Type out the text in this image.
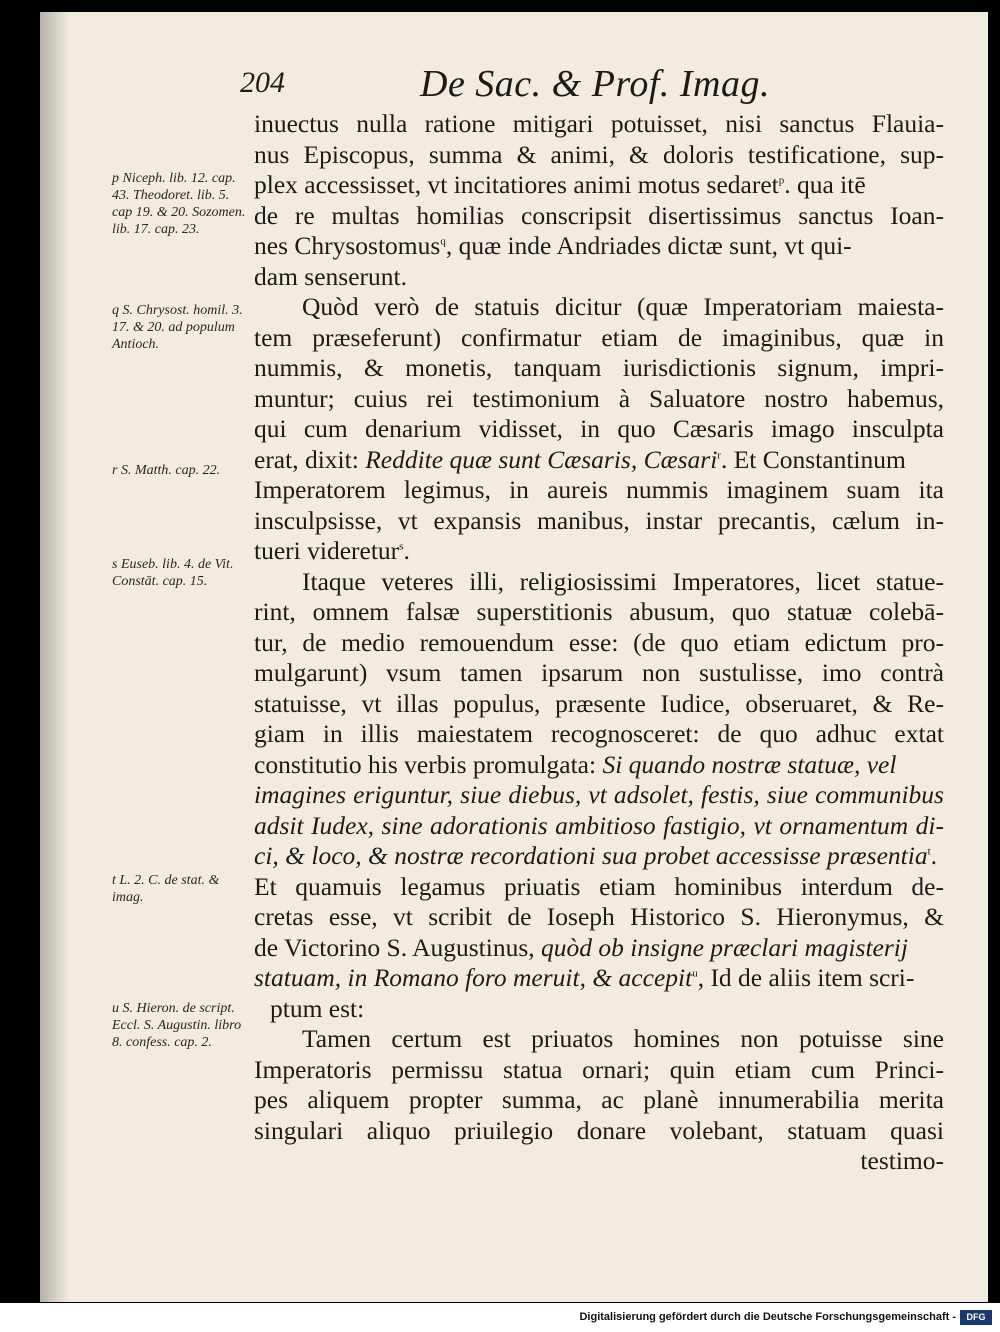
204	De Sac. & Prof. Imag.
p Niceph. lib. 12. cap. 43. Theodoret. lib. 5. cap 19. & 20. Sozomen. lib. 17. cap. 23.
q S. Chrysost. homil. 3. 17. & 20. ad populum Antioch.
r S. Matth. cap. 22.
s Euseb. lib. 4. de Vit. Constāt. cap. 15.
t L. 2. C. de stat. & imag.
u S. Hieron. de script. Eccl. S. Augustin. libro 8. confess. cap. 2.
inuectus nulla ratione mitigari potuisset, nisi sanctus Flauia-
nus Episcopus, summa & animi, & doloris testificatione, sup-
plex accessisset, vt incitatiores animi motus sedaret$^p$. qua itē
de re multas homilias conscripsit disertissimus sanctus Ioan-
nes Chrysostomus$^q$, quæ inde Andriades dictæ sunt, vt qui-
dam senserunt.
Quòd verò de statuis dicitur (quæ Imperatoriam maiesta-
tem præseferunt) confirmatur etiam de imaginibus, quæ in
nummis, & monetis, tanquam iurisdictionis signum, impri-
muntur; cuius rei testimonium à Saluatore nostro habemus,
qui cum denarium vidisset, in quo Cæsaris imago insculpta
erat, dixit: Reddite quæ sunt Cæsaris, Cæsari$^r$. Et Constantinum
Imperatorem legimus, in aureis nummis imaginem suam ita
insculpsisse, vt expansis manibus, instar precantis, cælum in-
tueri videretur$^s$.
Itaque veteres illi, religiosissimi Imperatores, licet statue-
rint, omnem falsæ superstitionis abusum, quo statuæ colebā-
tur, de medio remouendum esse: (de quo etiam edictum pro-
mulgarunt) vsum tamen ipsarum non sustulisse, imo contrà
statuisse, vt illas populus, præsente Iudice, obseruaret, & Re-
giam in illis maiestatem recognosceret: de quo adhuc extat
constitutio his verbis promulgata: Si quando nostræ statuæ, vel
imagines eriguntur, siue diebus, vt adsolet, festis, siue communibus
adsit Iudex, sine adorationis ambitioso fastigio, vt ornamentum di-
ci, & loco, & nostræ recordationi sua probet accessisse præsentia$^t$.
Et quamuis legamus priuatis etiam hominibus interdum de-
cretas esse, vt scribit de Ioseph Historico S. Hieronymus, &
de Victorino S. Augustinus, quòd ob insigne præclari magisterij
statuam, in Romano foro meruit, & accepit$^u$, Id de aliis item scri-
ptum est:
Tamen certum est priuatos homines non potuisse sine
Imperatoris permissu statua ornari; quin etiam cum Princi-
pes aliquem propter summa, ac planè innumerabilia merita
singulari aliquo priuilegio donare volebant, statuam quasi
testimo-
Digitalisierung gefördert durch die Deutsche Forschungsgemeinschaft -	DFG
